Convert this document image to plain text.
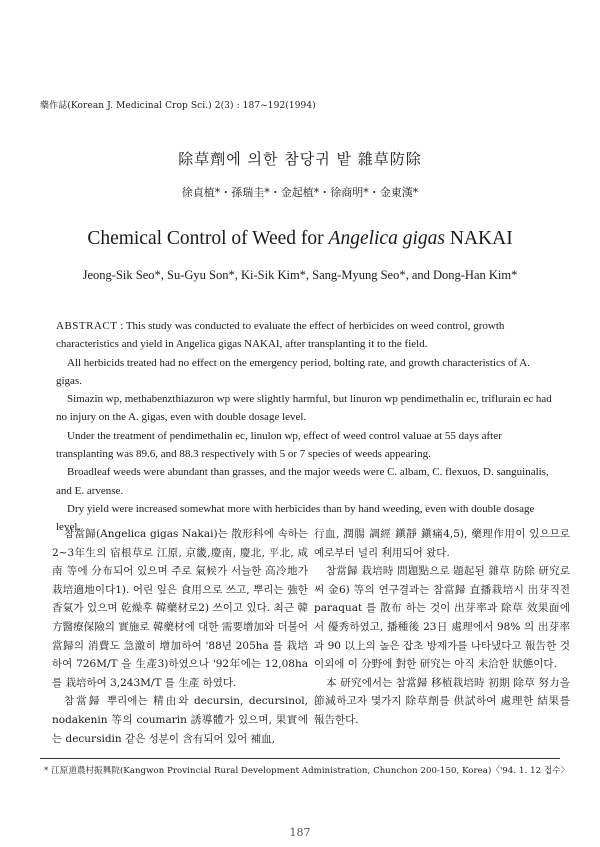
藥作誌(Korean J. Medicinal Crop Sci.) 2(3) : 187~192(1994)
除草劑에 의한 참당귀 밭 雜草防除
徐貞植*・孫瑞圭*・金起植*・徐商明*・金東漢*
Chemical Control of Weed for Angelica gigas NAKAI
Jeong-Sik Seo*, Su-Gyu Son*, Ki-Sik Kim*, Sang-Myung Seo*, and Dong-Han Kim*

ABSTRACT : This study was conducted to evaluate the effect of herbicides on weed control, growth characteristics and yield in Angelica gigas NAKAI, after transplanting it to the field.

All herbicids treated had no effect on the emergency period, bolting rate, and growth characteristics of A. gigas.

Simazin wp, methabenzthiazuron wp were slightly harmful, but linuron wp pendimethalin ec, triflurain ec had no injury on the A. gigas, even with double dosage level.

Under the treatment of pendimethalin ec, linulon wp, effect of weed control valuae at 55 days after transplanting was 89.6, and 88.3 respectively with 5 or 7 species of weeds appearing.

Broadleaf weeds were abundant than grasses, and the major weeds were C. albam, C. flexuos, D. sanguinalis, and E. arvense.

Dry yield were increased somewhat more with herbicides than by hand weeding, even with double dosage level.

참當歸(Angelica gigas Nakai)는 散形科에 속하는 2~3年生의 宿根草로 江原, 京畿,慶南, 慶北, 平北, 咸南 等에 分布되어 있으며 주로 氣候가 서늘한 高冷地가 栽培適地이다1). 어린 잎은 食用으로 쓰고, 뿌리는 強한 香氣가 있으며 乾燥후 韓藥材로2) 쓰이고 있다. 최근 韓方醫療保險의 實施로 韓藥材에 대한 需要增加와 더불어 當歸의 消費도 急激히 增加하여 '88년 205ha 를 栽培하여 726M/T 을 生產3)하였으나 '92年에는 12,08ha 를 栽培하여 3,243M/T 를 生產 하였다.

참當歸 뿌리에는 精由와 decursin, decursinol, nodakenin 等의 coumarin 誘導體가 있으며, 果實에는 decursidin 같은 성분이 含有되어 있어 補血,

行血, 潤腸 調經 鎭靜 鎭痛4,5), 藥理作用이 있으므로 예로부터 널리 利用되어 왔다.

참當歸 栽培時 問題點으로 題起된 雜草 防除 研究로써 金6) 等의 연구결과는 참當歸 直播栽培시 出芽직전 paraquat 를 散布 하는 것이 出芽率과 除草 效果面에서 優秀하였고, 播種後 23日 處理에서 98% 의 出芽率과 90 以上의 높은 잡초 방제가를 나타냈다고 報告한 것 이외에 이 分野에 對한 研究는 아직 未洽한 狀態이다.

本 研究에서는 참當歸 移植栽培時 初期 除草 努力을 節減하고자 몇가지 除草劑를 供試하여 處理한 結果를 報告한다.

* 江原道農村振興院(Kangwon Provincial Rural Development Administration, Chunchon 200-150, Korea)〈'94. 1. 12 접수〉
187
